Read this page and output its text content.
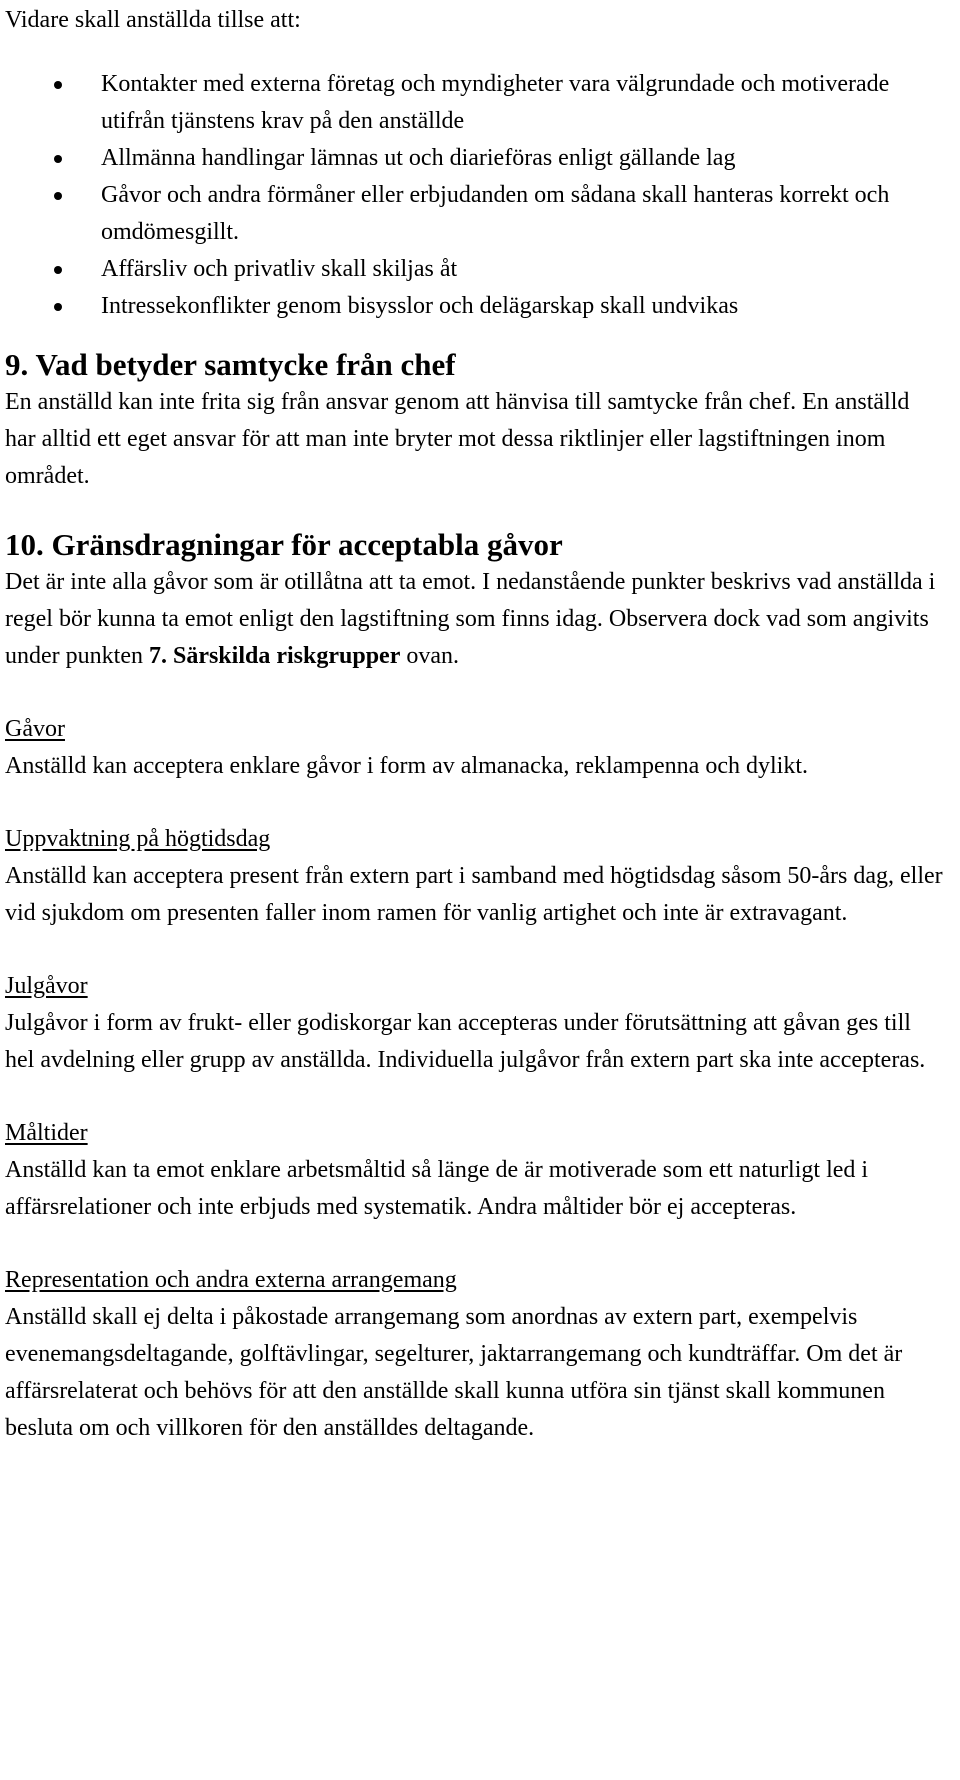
Vidare skall anställda tillse att:

Kontakter med externa företag och myndigheter vara välgrundade och motiverade utifrån tjänstens krav på den anställde
Allmänna handlingar lämnas ut och diarieföras enligt gällande lag
Gåvor och andra förmåner eller erbjudanden om sådana skall hanteras korrekt och omdömesgillt.
Affärsliv och privatliv skall skiljas åt
Intressekonflikter genom bisysslor och delägarskap skall undvikas
9. Vad betyder samtycke från chef

En anställd kan inte frita sig från ansvar genom att hänvisa till samtycke från chef. En anställd har alltid ett eget ansvar för att man inte bryter mot dessa riktlinjer eller lagstiftningen inom området.

10. Gränsdragningar för acceptabla gåvor

Det är inte alla gåvor som är otillåtna att ta emot. I nedanstående punkter beskrivs vad anställda i regel bör kunna ta emot enligt den lagstiftning som finns idag. Observera dock vad som angivits under punkten 7. Särskilda riskgrupper ovan.

Gåvor

Anställd kan acceptera enklare gåvor i form av almanacka, reklampenna och dylikt.

Uppvaktning på högtidsdag

Anställd kan acceptera present från extern part i samband med högtidsdag såsom 50-års dag, eller vid sjukdom om presenten faller inom ramen för vanlig artighet och inte är extravagant.

Julgåvor

Julgåvor i form av frukt- eller godiskorgar kan accepteras under förutsättning att gåvan ges till hel avdelning eller grupp av anställda. Individuella julgåvor från extern part ska inte accepteras.

Måltider

Anställd kan ta emot enklare arbetsmåltid så länge de är motiverade som ett naturligt led i affärsrelationer och inte erbjuds med systematik. Andra måltider bör ej accepteras.

Representation och andra externa arrangemang

Anställd skall ej delta i påkostade arrangemang som anordnas av extern part, exempelvis evenemangsdeltagande, golftävlingar, segelturer, jaktarrangemang och kundträffar. Om det är affärsrelaterat och behövs för att den anställde skall kunna utföra sin tjänst skall kommunen besluta om och villkoren för den anställdes deltagande.
